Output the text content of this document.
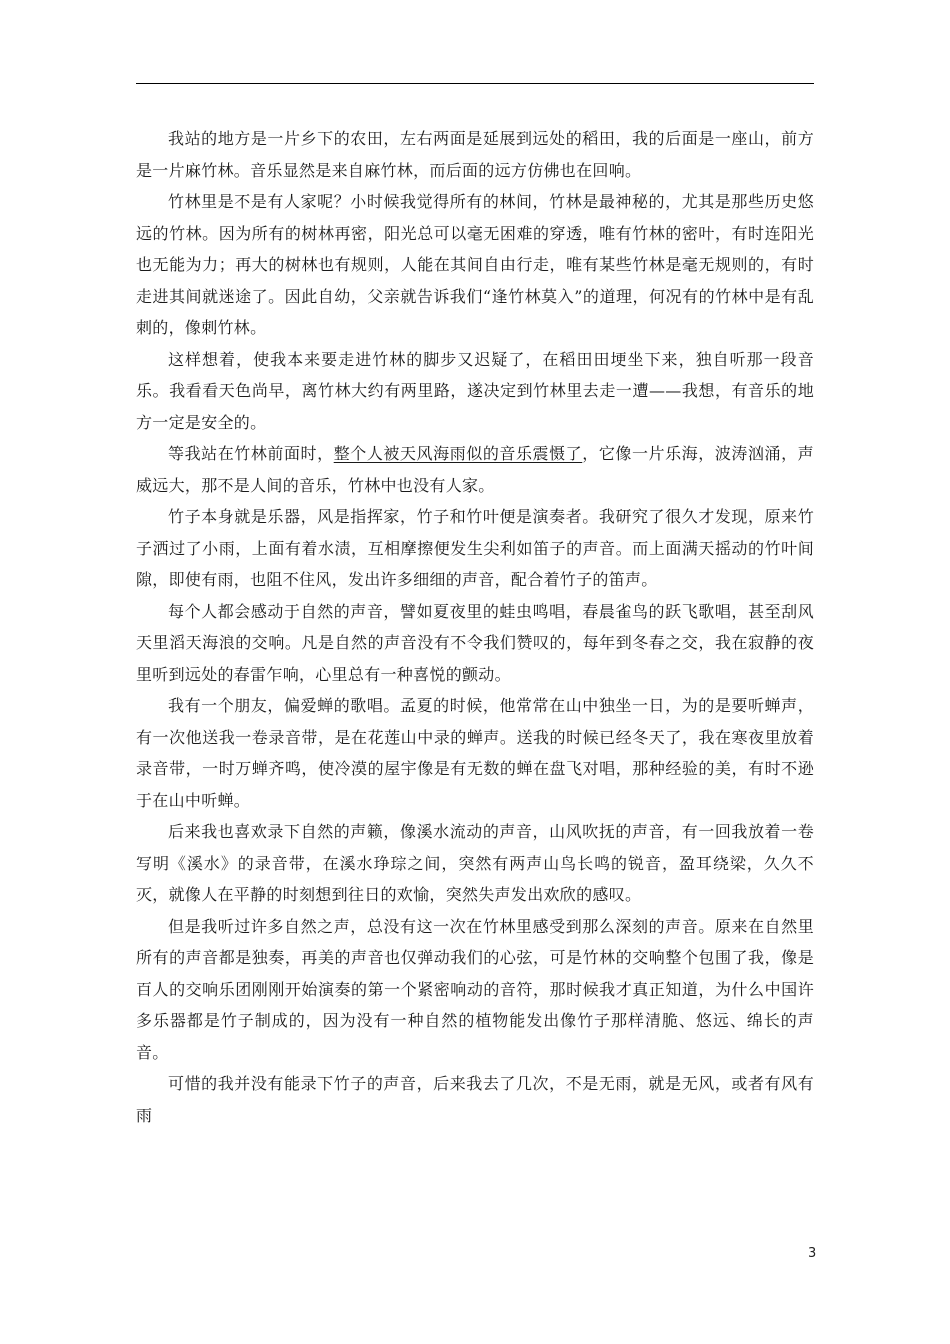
我站的地方是一片乡下的农田，左右两面是延展到远处的稻田，我的后面是一座山，前方是一片麻竹林。音乐显然是来自麻竹林，而后面的远方仿佛也在回响。

竹林里是不是有人家呢？小时候我觉得所有的林间，竹林是最神秘的，尤其是那些历史悠远的竹林。因为所有的树林再密，阳光总可以毫无困难的穿透，唯有竹林的密叶，有时连阳光也无能为力；再大的树林也有规则，人能在其间自由行走，唯有某些竹林是毫无规则的，有时走进其间就迷途了。因此自幼，父亲就告诉我们“逢竹林莫入”的道理，何况有的竹林中是有乱刺的，像刺竹林。

这样想着，使我本来要走进竹林的脚步又迟疑了，在稻田田埂坐下来，独自听那一段音乐。我看看天色尚早，离竹林大约有两里路，遂决定到竹林里去走一遭——我想，有音乐的地方一定是安全的。

等我站在竹林前面时，整个人被天风海雨似的音乐震慑了，它像一片乐海，波涛汹涌，声威远大，那不是人间的音乐，竹林中也没有人家。

竹子本身就是乐器，风是指挥家，竹子和竹叶便是演奏者。我研究了很久才发现，原来竹子洒过了小雨，上面有着水渍，互相摩擦便发生尖利如笛子的声音。而上面满天摇动的竹叶间隙，即使有雨，也阻不住风，发出许多细细的声音，配合着竹子的笛声。

每个人都会感动于自然的声音，譬如夏夜里的蛙虫鸣唱，春晨雀鸟的跃飞歌唱，甚至刮风天里滔天海浪的交响。凡是自然的声音没有不令我们赞叹的，每年到冬春之交，我在寂静的夜里听到远处的春雷乍响，心里总有一种喜悦的颤动。

我有一个朋友，偏爱蝉的歌唱。孟夏的时候，他常常在山中独坐一日，为的是要听蝉声，有一次他送我一卷录音带，是在花莲山中录的蝉声。送我的时候已经冬天了，我在寒夜里放着录音带，一时万蝉齐鸣，使冷漠的屋宇像是有无数的蝉在盘飞对唱，那种经验的美，有时不逊于在山中听蝉。

后来我也喜欢录下自然的声籁，像溪水流动的声音，山风吹抚的声音，有一回我放着一卷写明《溪水》的录音带，在溪水琤琮之间，突然有两声山鸟长鸣的锐音，盈耳绕梁，久久不灭，就像人在平静的时刻想到往日的欢愉，突然失声发出欢欣的感叹。

但是我听过许多自然之声，总没有这一次在竹林里感受到那么深刻的声音。原来在自然里所有的声音都是独奏，再美的声音也仅弹动我们的心弦，可是竹林的交响整个包围了我，像是百人的交响乐团刚刚开始演奏的第一个紧密响动的音符，那时候我才真正知道，为什么中国许多乐器都是竹子制成的，因为没有一种自然的植物能发出像竹子那样清脆、悠远、绵长的声音。

可惜的我并没有能录下竹子的声音，后来我去了几次，不是无雨，就是无风，或者有风有雨

3
